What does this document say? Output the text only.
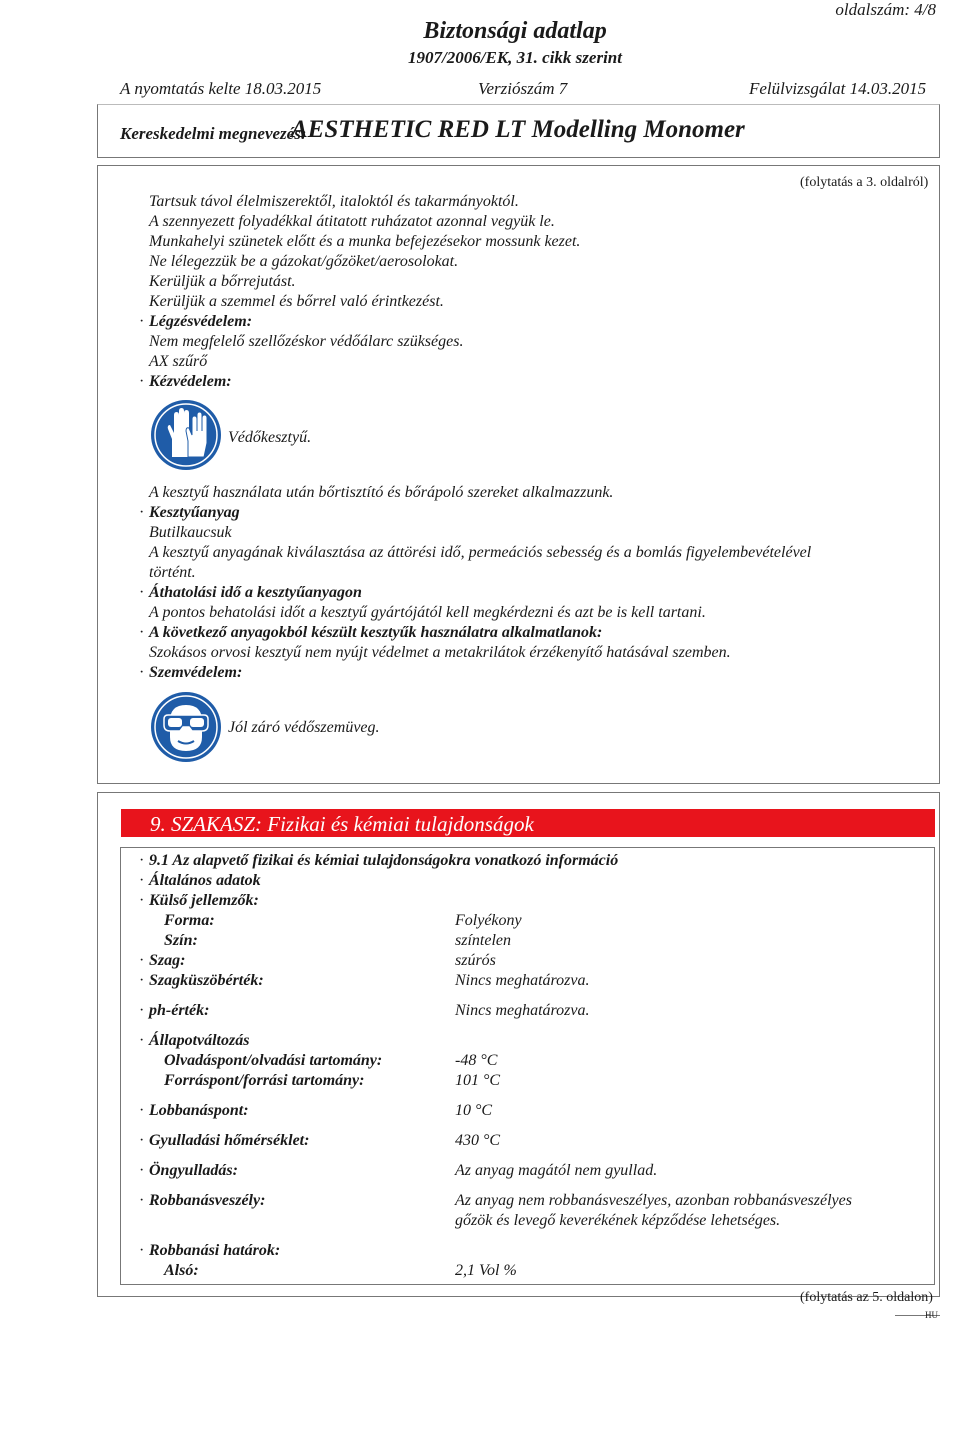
oldalszám: 4/8
Biztonsági adatlap
1907/2006/EK, 31. cikk szerint
A nyomtatás kelte 18.03.2015	Verziószám 7	Felülvizsgálat 14.03.2015
Kereskedelmi megnevezés:
AESTHETIC RED LT Modelling Monomer
(folytatás a 3. oldalról)
Tartsuk távol élelmiszerektől, italoktól és takarmányoktól.
A szennyezett folyadékkal átitatott ruházatot azonnal vegyük le.
Munkahelyi szünetek előtt és a munka befejezésekor mossunk kezet.
Ne lélegezzük be a gázokat/gőzöket/aerosolokat.
Kerüljük a bőrrejutást.
Kerüljük a szemmel és bőrrel való érintkezést.
· Légzésvédelem:
Nem megfelelő szellőzéskor védőálarc szükséges.
AX szűrő
· Kézvédelem:
Védőkesztyű.
A kesztyű használata után bőrtisztító és bőrápoló szereket alkalmazzunk.
· Kesztyűanyag
Butilkaucsuk
A kesztyű anyagának kiválasztása az áttörési idő, permeációs sebesség és a bomlás figyelembevételével
történt.
· Áthatolási idő a kesztyűanyagon
A pontos behatolási időt a kesztyű gyártójától kell megkérdezni és azt be is kell tartani.
· A következő anyagokból készült kesztyűk használatra alkalmatlanok:
Szokásos orvosi kesztyű nem nyújt védelmet a metakrilátok érzékenyítő hatásával szemben.
· Szemvédelem:
Jól záró védőszemüveg.
9. SZAKASZ: Fizikai és kémiai tulajdonságok
· 9.1 Az alapvető fizikai és kémiai tulajdonságokra vonatkozó információ
· Általános adatok
· Külső jellemzők:
Forma:	Folyékony
Szín:	színtelen
· Szag:	szúrós
· Szagküszöbérték:	Nincs meghatározva.
· ph-érték:	Nincs meghatározva.
· Állapotváltozás
Olvadáspont/olvadási tartomány:	-48 °C
Forráspont/forrási tartomány:	101 °C
· Lobbanáspont:	10 °C
· Gyulladási hőmérséklet:	430 °C
· Öngyulladás:	Az anyag magától nem gyullad.
· Robbanásveszély:	Az anyag nem robbanásveszélyes, azonban robbanásveszélyes
gőzök és levegő keverékének képződése lehetséges.
· Robbanási határok:
Alsó:	2,1 Vol %
(folytatás az 5. oldalon)
HU
